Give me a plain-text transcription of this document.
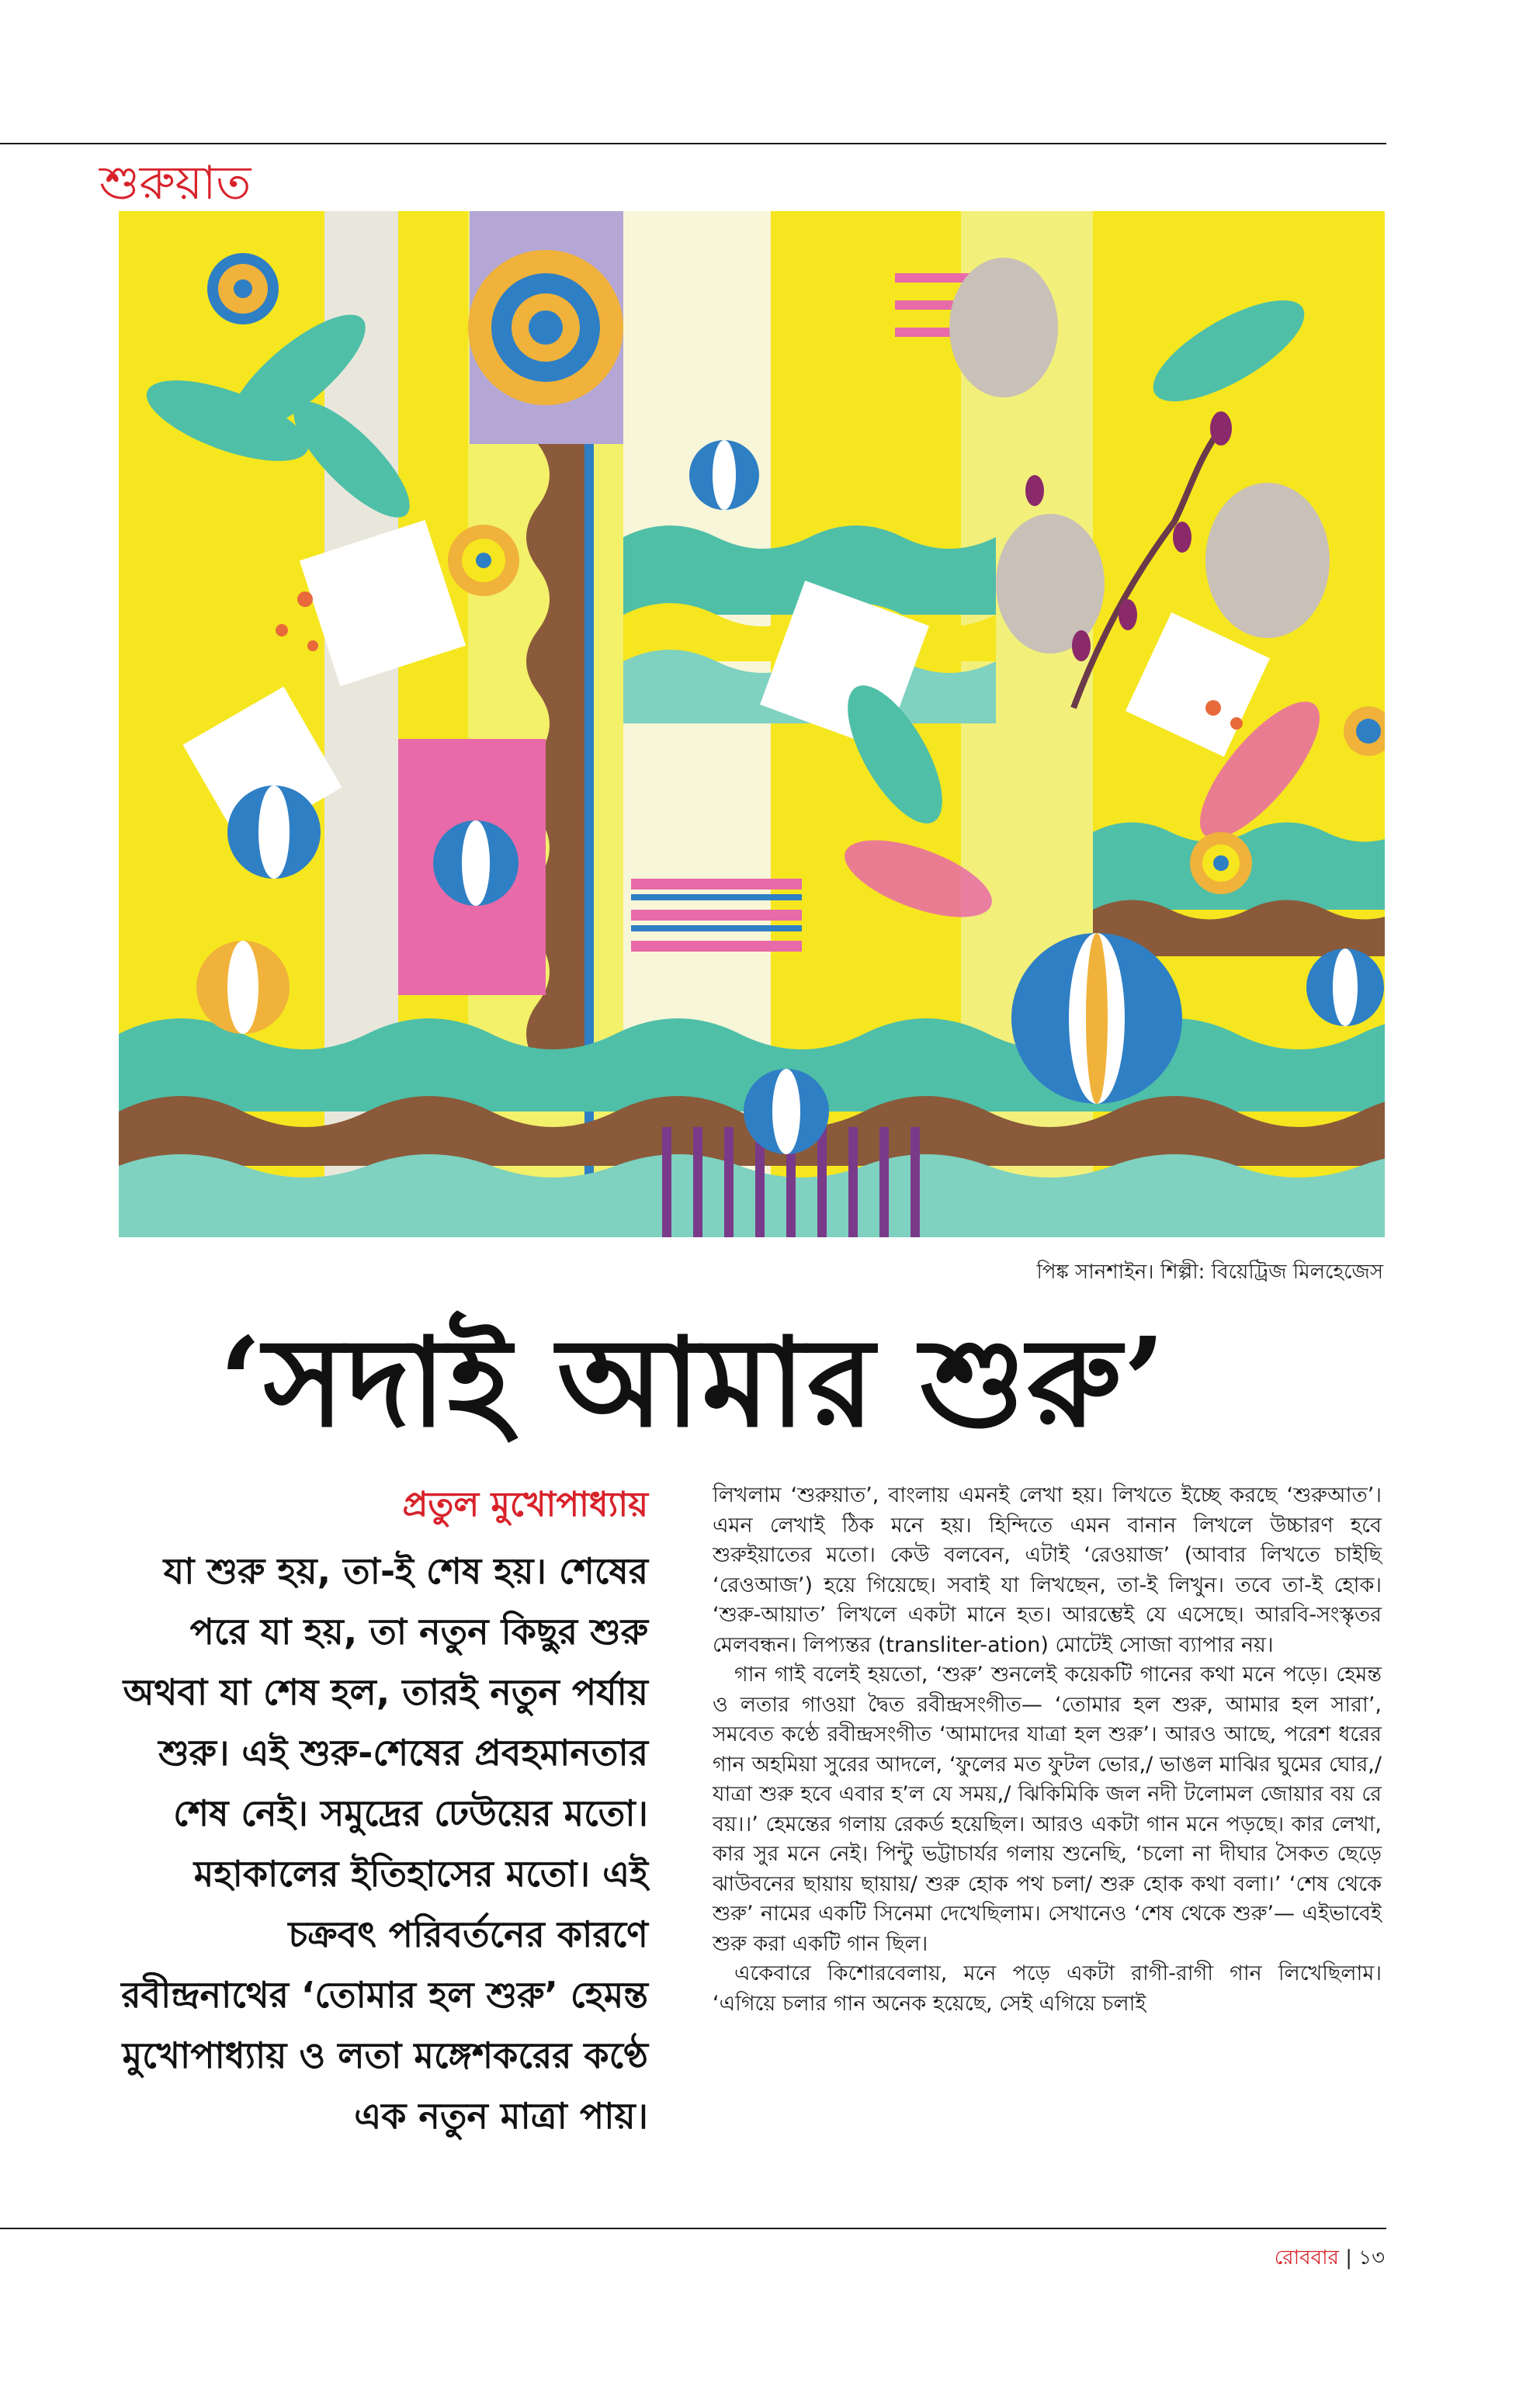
শুরুয়াত
পিঙ্ক সানশাইন। শিল্পী: বিয়েট্রিজ মিলহেজেস
‘সদাই আমার শুরু’
প্রতুল মুখোপাধ্যায়
যা শুরু হয়, তা-ই শেষ হয়। শেষের পরে যা হয়, তা নতুন কিছুর শুরু অথবা যা শেষ হল, তারই নতুন পর্যায় শুরু। এই শুরু-শেষের প্রবহমানতার শেষ নেই। সমুদ্রের ঢেউয়ের মতো। মহাকালের ইতিহাসের মতো। এই চক্রবৎ পরিবর্তনের কারণে রবীন্দ্রনাথের ‘তোমার হল শুরু’ হেমন্ত মুখোপাধ্যায় ও লতা মঙ্গেশকরের কণ্ঠে এক নতুন মাত্রা পায়।

লিখলাম ‘শুরুয়াত’, বাংলায় এমনই লেখা হয়। লিখতে ইচ্ছে করছে ‘শুরুআত’। এমন লেখাই ঠিক মনে হয়। হিন্দিতে এমন বানান লিখলে উচ্চারণ হবে শুরুইয়াতের মতো। কেউ বলবেন, এটাই ‘রেওয়াজ’ (আবার লিখতে চাইছি ‘রেওআজ’) হয়ে গিয়েছে। সবাই যা লিখছেন, তা-ই লিখুন। তবে তা-ই হোক। ‘শুরু-আয়াত’ লিখলে একটা মানে হত। আরম্ভেই যে এসেছে। আরবি-সংস্কৃতর মেলবন্ধন। লিপ্যন্তর (transliter-ation) মোটেই সোজা ব্যাপার নয়।

গান গাই বলেই হয়তো, ‘শুরু’ শুনলেই কয়েকটি গানের কথা মনে পড়ে। হেমন্ত ও লতার গাওয়া দ্বৈত রবীন্দ্রসংগীত— ‘তোমার হল শুরু, আমার হল সারা’, সমবেত কণ্ঠে রবীন্দ্রসংগীত ‘আমাদের যাত্রা হল শুরু’। আরও আছে, পরেশ ধরের গান অহমিয়া সুরের আদলে, ‘ফুলের মত ফুটল ভোর,/ ভাঙল মাঝির ঘুমের ঘোর,/ যাত্রা শুরু হবে এবার হ’ল যে সময়,/ ঝিকিমিকি জল নদী টলোমল জোয়ার বয় রে বয়।।’ হেমন্তের গলায় রেকর্ড হয়েছিল। আরও একটা গান মনে পড়ছে। কার লেখা, কার সুর মনে নেই। পিন্টু ভট্টাচার্যর গলায় শুনেছি, ‘চলো না দীঘার সৈকত ছেড়ে ঝাউবনের ছায়ায় ছায়ায়/ শুরু হোক পথ চলা/ শুরু হোক কথা বলা।’ ‘শেষ থেকে শুরু’ নামের একটি সিনেমা দেখেছিলাম। সেখানেও ‘শেষ থেকে শুরু’— এইভাবেই শুরু করা একটি গান ছিল।

একেবারে কিশোরবেলায়, মনে পড়ে একটা রাগী-রাগী গান লিখেছিলাম। ‘এগিয়ে চলার গান অনেক হয়েছে, সেই এগিয়ে চলাই

রোববার | ১৩
